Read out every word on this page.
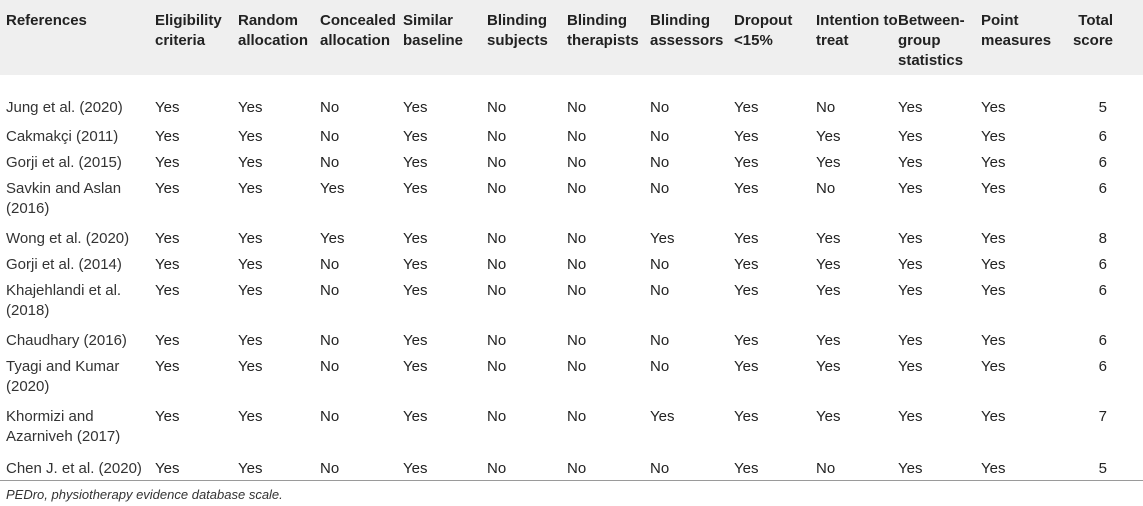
References	Eligibility criteria	Random allocation	Concealed allocation	Similar baseline	Blinding subjects	Blinding therapists	Blinding assessors	Dropout <15%	Intention to treat	Between-group statistics	Point measures	Total score
Jung et al. (2020)	Yes	Yes	No	Yes	No	No	No	Yes	No	Yes	Yes	5
Cakmakçi (2011)	Yes	Yes	No	Yes	No	No	No	Yes	Yes	Yes	Yes	6
Gorji et al. (2015)	Yes	Yes	No	Yes	No	No	No	Yes	Yes	Yes	Yes	6
Savkin and Aslan (2016)	Yes	Yes	Yes	Yes	No	No	No	Yes	No	Yes	Yes	6
Wong et al. (2020)	Yes	Yes	Yes	Yes	No	No	Yes	Yes	Yes	Yes	Yes	8
Gorji et al. (2014)	Yes	Yes	No	Yes	No	No	No	Yes	Yes	Yes	Yes	6
Khajehlandi et al. (2018)	Yes	Yes	No	Yes	No	No	No	Yes	Yes	Yes	Yes	6
Chaudhary (2016)	Yes	Yes	No	Yes	No	No	No	Yes	Yes	Yes	Yes	6
Tyagi and Kumar (2020)	Yes	Yes	No	Yes	No	No	No	Yes	Yes	Yes	Yes	6
Khormizi and Azarniveh (2017)	Yes	Yes	No	Yes	No	No	Yes	Yes	Yes	Yes	Yes	7
Chen J. et al. (2020)	Yes	Yes	No	Yes	No	No	No	Yes	No	Yes	Yes	5
PEDro, physiotherapy evidence database scale.
